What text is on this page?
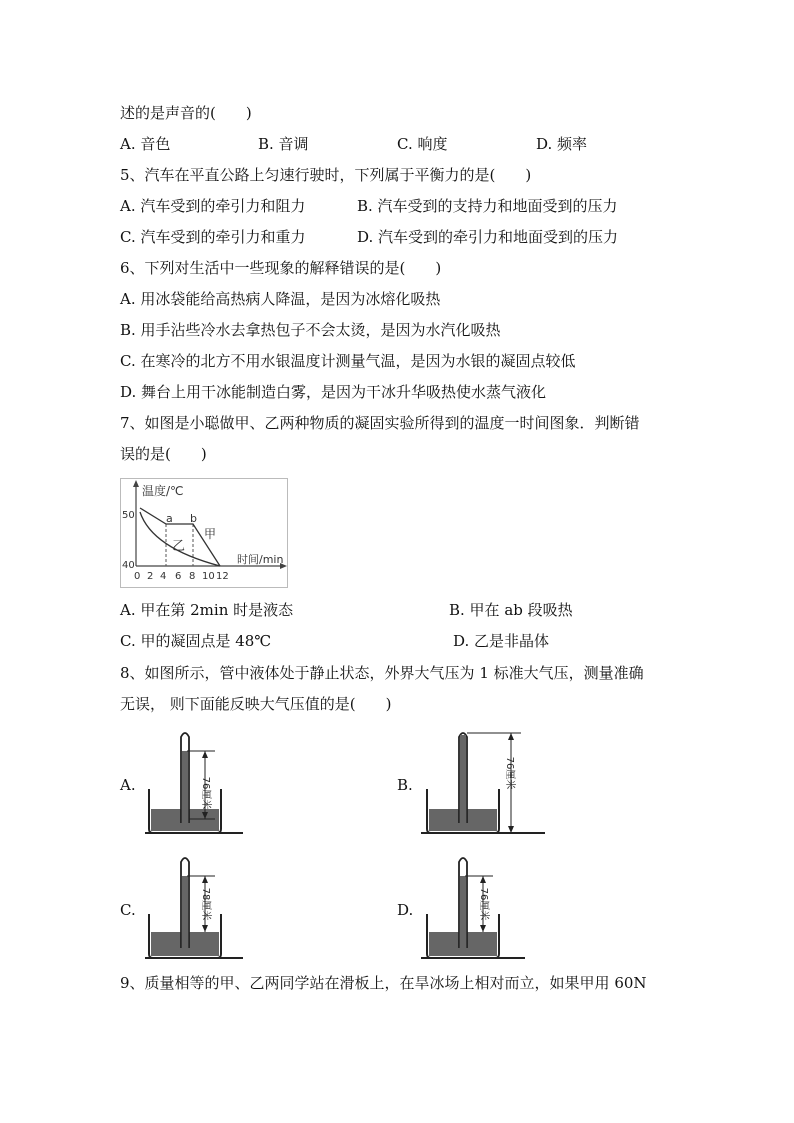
述的是声音的(　　)
A. 音色	B. 音调	C. 响度	D. 频率
5、汽车在平直公路上匀速行驶时，下列属于平衡力的是(　　)
A. 汽车受到的牵引力和阻力	B. 汽车受到的支持力和地面受到的压力
C. 汽车受到的牵引力和重力	D. 汽车受到的牵引力和地面受到的压力
6、下列对生活中一些现象的解释错误的是(　　)
A. 用冰袋能给高热病人降温，是因为冰熔化吸热
B. 用手沾些冷水去拿热包子不会太烫，是因为水汽化吸热
C. 在寒冷的北方不用水银温度计测量气温，是因为水银的凝固点较低
D. 舞台上用干冰能制造白雾，是因为干冰升华吸热使水蒸气液化
7、如图是小聪做甲、乙两种物质的凝固实验所得到的温度一时间图象．判断错
误的是(　　)
温度/℃
50
40	时间/min
0 2 4 6 8 10 12
a b
甲
乙
A. 甲在第 2min 时是液态	B. 甲在 ab 段吸热
C. 甲的凝固点是 48℃	D. 乙是非晶体
8、如图所示，管中液体处于静止状态，外界大气压为 1 标准大气压，测量准确
无误， 则下面能反映大气压值的是(　　)
A.	76厘米	B.	76厘米
C.	78厘米	D.	76厘米
9、质量相等的甲、乙两同学站在滑板上，在旱冰场上相对而立，如果甲用 60N
